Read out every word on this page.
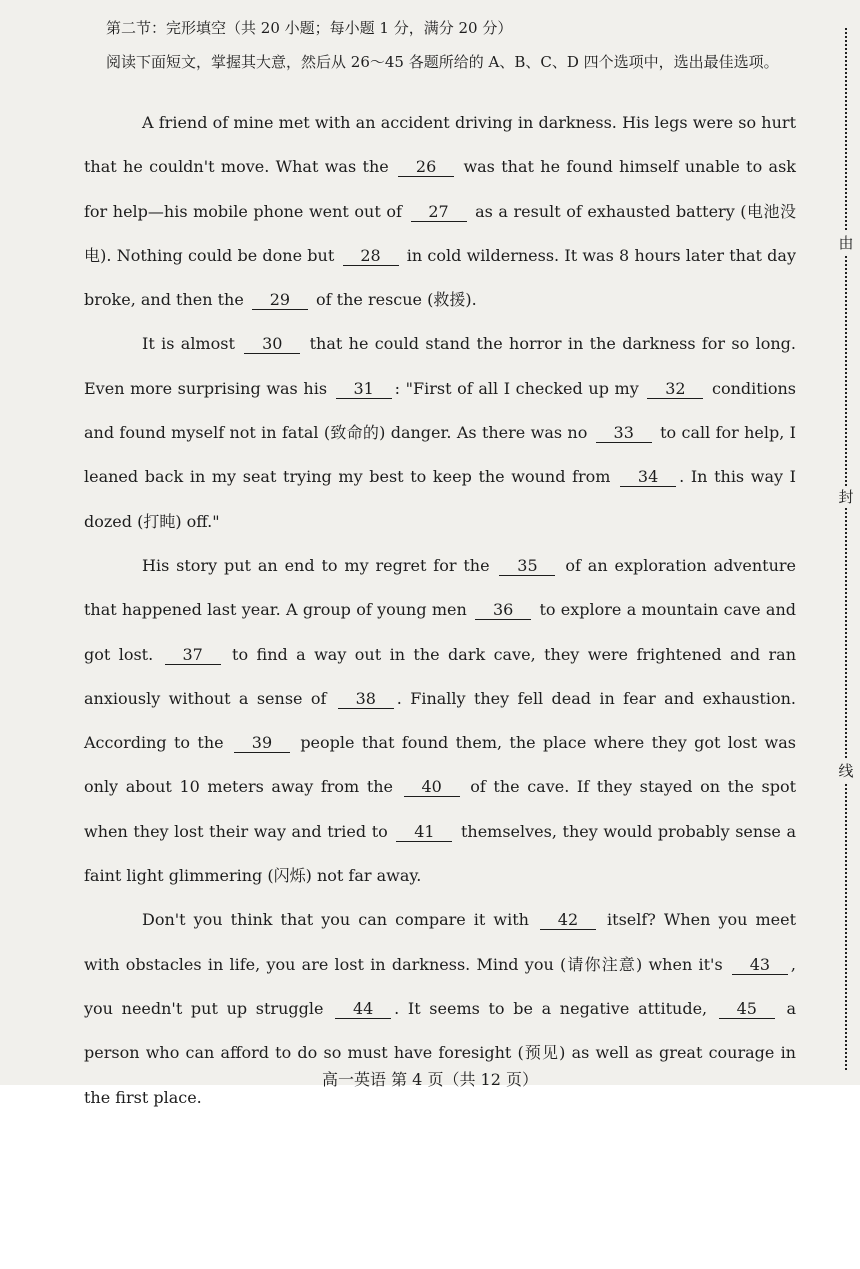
第二节：完形填空（共 20 小题；每小题 1 分，满分 20 分）
阅读下面短文，掌握其大意，然后从 26～45 各题所给的 A、B、C、D 四个选项中，选出最佳选项。

A friend of mine met with an accident driving in darkness. His legs were so hurt that he couldn't move. What was the 26 was that he found himself unable to ask for help—his mobile phone went out of 27 as a result of exhausted battery (电池没电). Nothing could be done but 28 in cold wilderness. It was 8 hours later that day broke, and then the 29 of the rescue (救援).

It is almost 30 that he could stand the horror in the darkness for so long. Even more surprising was his 31 : "First of all I checked up my 32 conditions and found myself not in fatal (致命的) danger. As there was no 33 to call for help, I leaned back in my seat trying my best to keep the wound from 34 . In this way I dozed (打盹) off."

His story put an end to my regret for the 35 of an exploration adventure that happened last year. A group of young men 36 to explore a mountain cave and got lost. 37 to find a way out in the dark cave, they were frightened and ran anxiously without a sense of 38 . Finally they fell dead in fear and exhaustion. According to the 39 people that found them, the place where they got lost was only about 10 meters away from the 40 of the cave. If they stayed on the spot when they lost their way and tried to 41 themselves, they would probably sense a faint light glimmering (闪烁) not far away.

Don't you think that you can compare it with 42 itself? When you meet with obstacles in life, you are lost in darkness. Mind you (请你注意) when it's 43 , you needn't put up struggle 44 . It seems to be a negative attitude, 45 a person who can afford to do so must have foresight (预见) as well as great courage in the first place.

高一英语 第 4 页（共 12 页）
由
封
线
